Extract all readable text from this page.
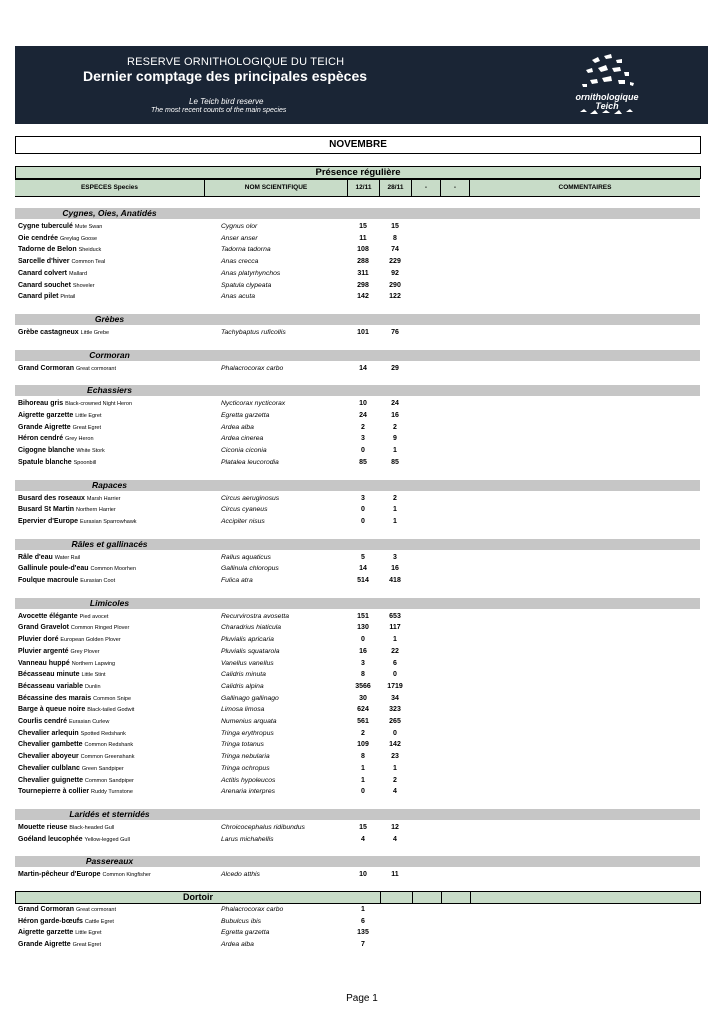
RESERVE ORNITHOLOGIQUE DU TEICH
Dernier comptage des principales espèces
Le Teich bird reserve
The most recent counts of the main species
ornithologique
Teich
NOVEMBRE
Présence régulière
ESPECES Species	NOM SCIENTIFIQUE	12/11	28/11	-	-	COMMENTAIRES
Cygnes, Oies, Anatidés
Cygne tuberculé Mute Swan	Cygnus olor	15	15
Oie cendrée Greylag Goose	Anser anser	11	8
Tadorne de Belon Sheiduck	Tadorna tadorna	108	74
Sarcelle d'hiver Common Teal	Anas crecca	288	229
Canard colvert Mallard	Anas platyrhynchos	311	92
Canard souchet Shoveler	Spatula clypeata	298	290
Canard pilet Pintail	Anas acuta	142	122
Grèbes
Grèbe castagneux Little Grebe	Tachybaptus ruficollis	101	76
Cormoran
Grand Cormoran Great cormorant	Phalacrocorax carbo	14	29
Echassiers
Bihoreau gris Black-crowned Night Heron	Nycticorax nycticorax	10	24
Aigrette garzette Little Egret	Egretta garzetta	24	16
Grande Aigrette Great Egret	Ardea alba	2	2
Héron cendré Grey Heron	Ardea cinerea	3	9
Cigogne blanche White Stork	Ciconia ciconia	0	1
Spatule blanche Spoonbill	Platalea leucorodia	85	85
Rapaces
Busard des roseaux Marsh Harrier	Circus aeruginosus	3	2
Busard St Martin Northern Harrier	Circus cyaneus	0	1
Epervier d'Europe Eurasian Sparrowhawk	Accipiter nisus	0	1
Râles et gallinacés
Râle d'eau Water Rail	Rallus aquaticus	5	3
Gallinule poule-d'eau Common Moorhen	Gallinula chloropus	14	16
Foulque macroule Eurasian Coot	Fulica atra	514	418
Limicoles
Avocette élégante Pied avocet	Recurvirostra avosetta	151	653
Grand Gravelot Common Ringed Plover	Charadrius hiaticula	130	117
Pluvier doré European Golden Plover	Pluvialis apricaria	0	1
Pluvier argenté Grey Plover	Pluvialis squatarola	16	22
Vanneau huppé Northern Lapwing	Vanellus vanellus	3	6
Bécasseau minute Little Stint	Calidris minuta	8	0
Bécasseau variable Dunlin	Calidris alpina	3566	1719
Bécassine des marais Common Snipe	Gallinago gallinago	30	34
Barge à queue noire Black-tailed Godwit	Limosa limosa	624	323
Courlis cendré Eurasian Curlew	Numenius arquata	561	265
Chevalier arlequin Spotted Redshank	Tringa erythropus	2	0
Chevalier gambette Common Redshank	Tringa totanus	109	142
Chevalier aboyeur Common Greenshank	Tringa nebularia	8	23
Chevalier culblanc Green Sandpiper	Tringa ochropus	1	1
Chevalier guignette Common Sandpiper	Actitis hypoleucos	1	2
Tournepierre à collier Ruddy Turnstone	Arenaria interpres	0	4
Laridés et sternidés
Mouette rieuse Black-headed Gull	Chroicocephalus ridibundus	15	12
Goéland leucophée Yellow-legged Gull	Larus michahellis	4	4
Passereaux
Martin-pêcheur d'Europe Common Kingfisher	Alcedo atthis	10	11
Dortoir
Grand Cormoran Great cormorant	Phalacrocorax carbo	1
Héron garde-bœufs Cattle Egret	Bubulcus ibis	6
Aigrette garzette Little Egret	Egretta garzetta	135
Grande Aigrette Great Egret	Ardea alba	7
Page 1
